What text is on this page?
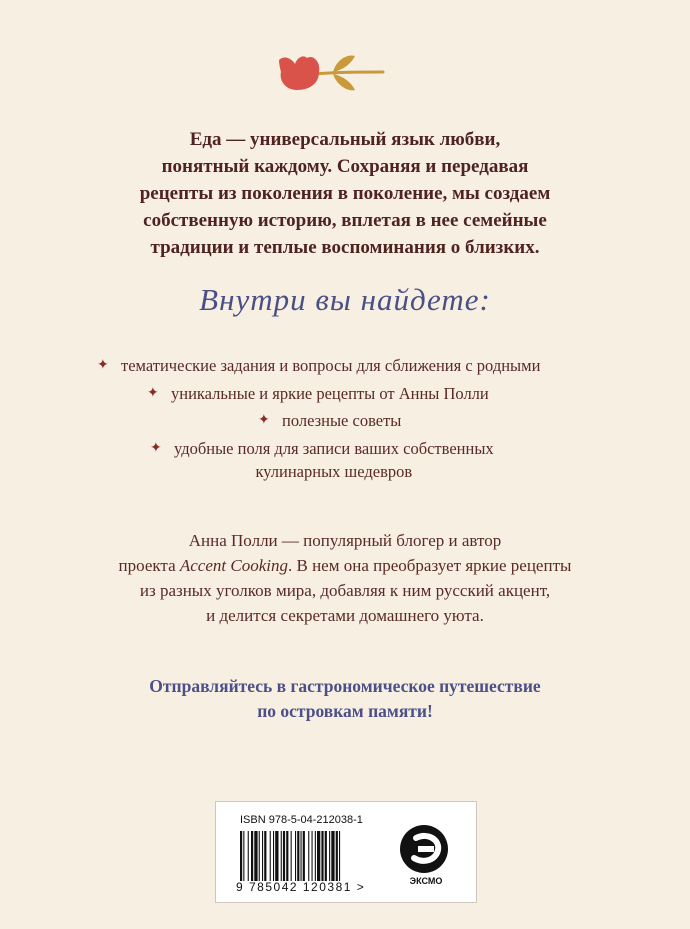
Еда — универсальный язык любви,

понятный каждому. Сохраняя и передавая

рецепты из поколения в поколение, мы создаем

собственную историю, вплетая в нее семейные

традиции и теплые воспоминания о близких.

Внутри вы найдете:
✦ тематические задания и вопросы для сближения с родными
✦ уникальные и яркие рецепты от Анны Полли
✦ полезные советы
✦ удобные поля для записи ваших собственных
кулинарных шедевров

Анна Полли — популярный блогер и автор

проекта Accent Cooking. В нем она преобразует яркие рецепты

из разных уголков мира, добавляя к ним русский акцент,

и делится секретами домашнего уюта.

Отправляйтесь в гастрономическое путешествие

по островкам памяти!

ISBN 978-5-04-212038-1
9 785042 120381 >	ЭКСМО
